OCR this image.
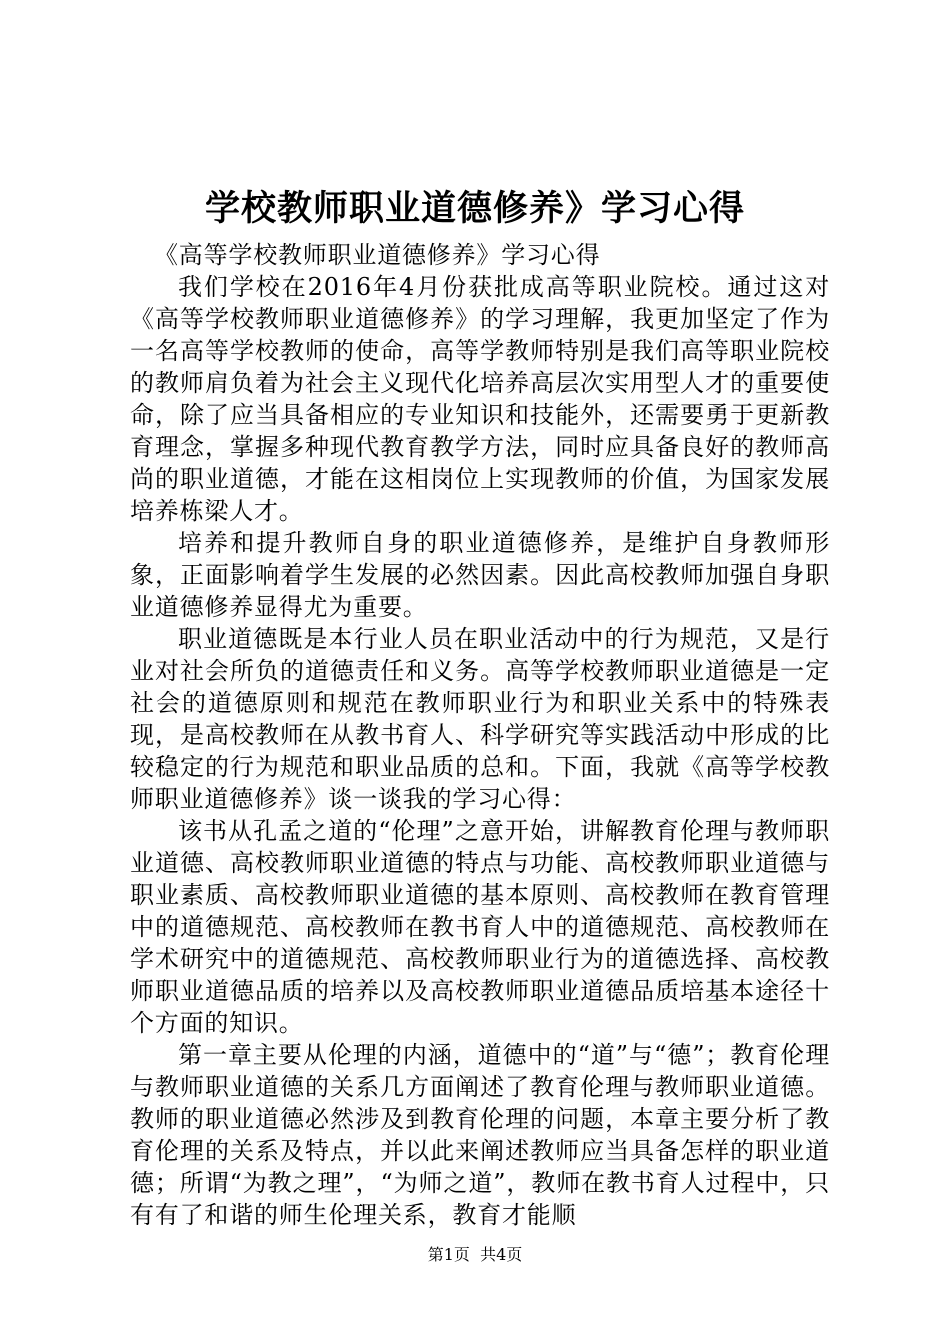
学校教师职业道德修养》学习心得

《高等学校教师职业道德修养》学习心得

我们学校在2016年4月份获批成高等职业院校。通过这对《高等学校教师职业道德修养》的学习理解，我更加坚定了作为一名高等学校教师的使命，高等学教师特别是我们高等职业院校的教师肩负着为社会主义现代化培养高层次实用型人才的重要使命，除了应当具备相应的专业知识和技能外，还需要勇于更新教育理念，掌握多种现代教育教学方法，同时应具备良好的教师高尚的职业道德，才能在这相岗位上实现教师的价值，为国家发展培养栋梁人才。

培养和提升教师自身的职业道德修养，是维护自身教师形象，正面影响着学生发展的必然因素。因此高校教师加强自身职业道德修养显得尤为重要。

职业道德既是本行业人员在职业活动中的行为规范，又是行业对社会所负的道德责任和义务。高等学校教师职业道德是一定社会的道德原则和规范在教师职业行为和职业关系中的特殊表现，是高校教师在从教书育人、科学研究等实践活动中形成的比较稳定的行为规范和职业品质的总和。下面，我就《高等学校教师职业道德修养》谈一谈我的学习心得：

该书从孔孟之道的“伦理”之意开始，讲解教育伦理与教师职业道德、高校教师职业道德的特点与功能、高校教师职业道德与职业素质、高校教师职业道德的基本原则、高校教师在教育管理中的道德规范、高校教师在教书育人中的道德规范、高校教师在学术研究中的道德规范、高校教师职业行为的道德选择、高校教师职业道德品质的培养以及高校教师职业道德品质培基本途径十个方面的知识。

第一章主要从伦理的内涵，道德中的“道”与“德”；教育伦理与教师职业道德的关系几方面阐述了教育伦理与教师职业道德。教师的职业道德必然涉及到教育伦理的问题，本章主要分析了教育伦理的关系及特点，并以此来阐述教师应当具备怎样的职业道德；所谓“为教之理”，“为师之道”，教师在教书育人过程中，只有有了和谐的师生伦理关系，教育才能顺

第1页 共4页
